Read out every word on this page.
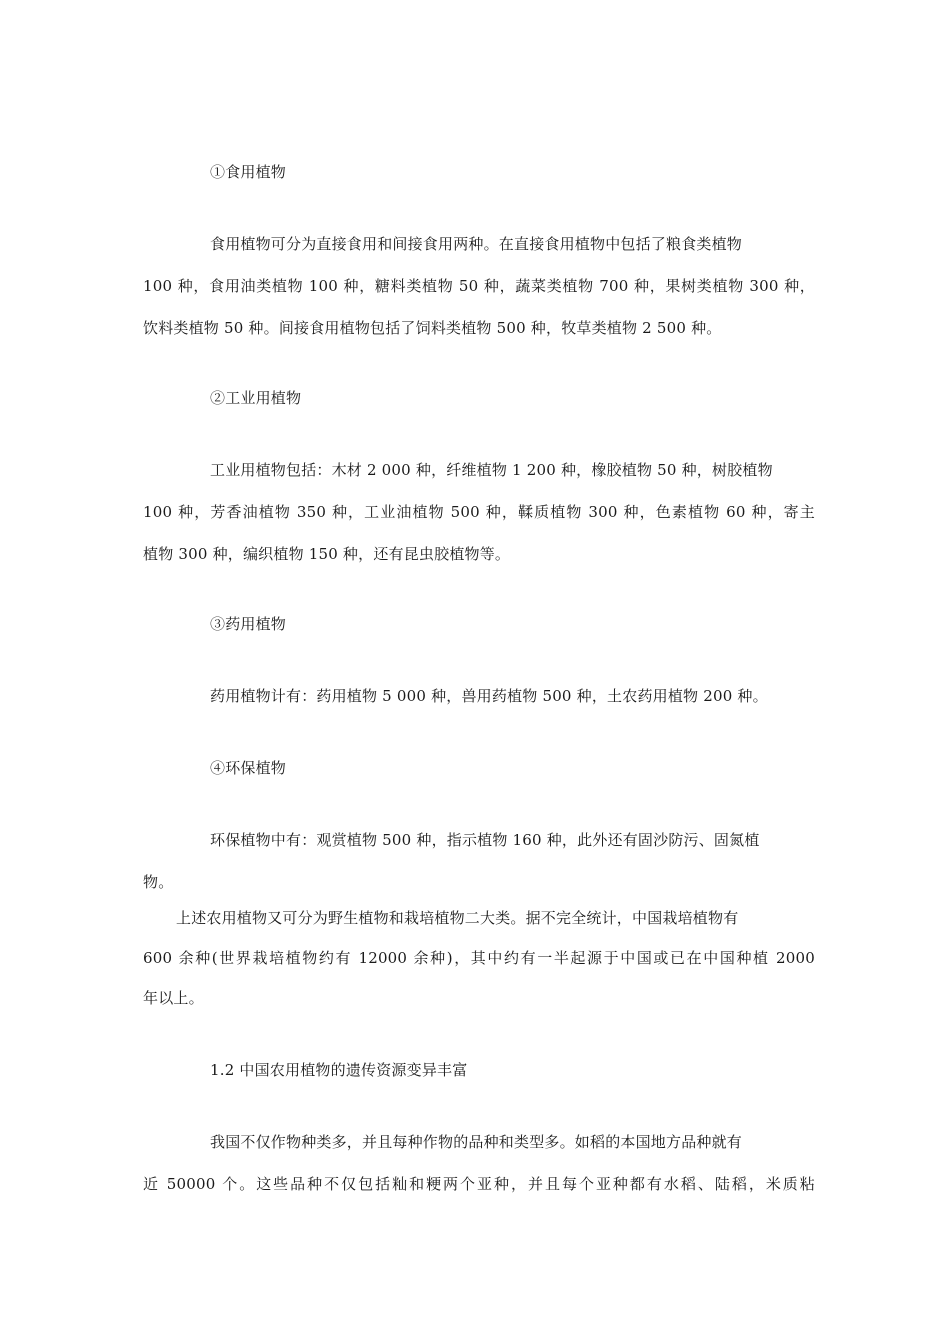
①食用植物
食用植物可分为直接食用和间接食用两种。在直接食用植物中包括了粮食类植物
100 种，食用油类植物 100 种，糖料类植物 50 种，蔬菜类植物 700 种，果树类植物 300 种，
饮料类植物 50 种。间接食用植物包括了饲料类植物 500 种，牧草类植物 2 500 种。
②工业用植物
工业用植物包括：木材 2 000 种，纤维植物 1 200 种，橡胶植物 50 种，树胶植物
100 种，芳香油植物 350 种，工业油植物 500 种，鞣质植物 300 种，色素植物 60 种，寄主
植物 300 种，编织植物 150 种，还有昆虫胶植物等。
③药用植物
药用植物计有：药用植物 5 000 种，兽用药植物 500 种，土农药用植物 200 种。
④环保植物
环保植物中有：观赏植物 500 种，指示植物 160 种，此外还有固沙防污、固氮植
物。
上述农用植物又可分为野生植物和栽培植物二大类。据不完全统计，中国栽培植物有
600 余种(世界栽培植物约有 12000 余种)，其中约有一半起源于中国或已在中国种植 2000
年以上。
1.2 中国农用植物的遗传资源变异丰富
我国不仅作物种类多，并且每种作物的品种和类型多。如稻的本国地方品种就有
近 50000 个。这些品种不仅包括籼和粳两个亚种，并且每个亚种都有水稻、陆稻，米质粘
